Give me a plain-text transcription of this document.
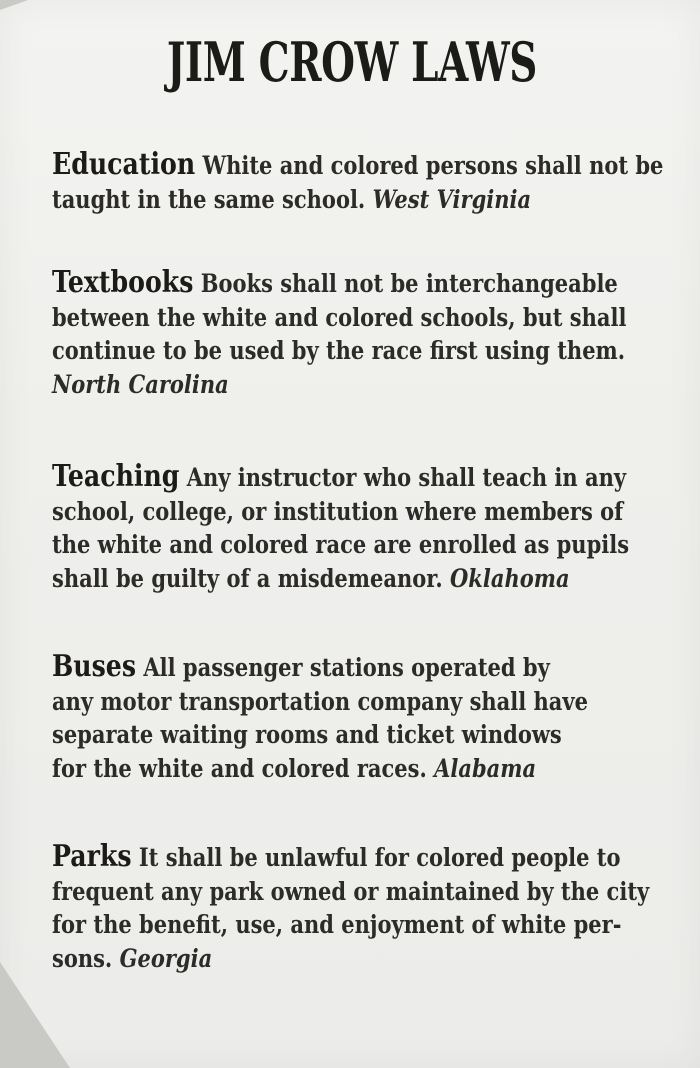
JIM CROW LAWS
Education White and colored persons shall not be
taught in the same school. West Virginia
Textbooks Books shall not be interchangeable
between the white and colored schools, but shall
continue to be used by the race first using them.
North Carolina
Teaching Any instructor who shall teach in any
school, college, or institution where members of
the white and colored race are enrolled as pupils
shall be guilty of a misdemeanor. Oklahoma
Buses All passenger stations operated by
any motor transportation company shall have
separate waiting rooms and ticket windows
for the white and colored races. Alabama
Parks It shall be unlawful for colored people to
frequent any park owned or maintained by the city
for the benefit, use, and enjoyment of white per-
sons. Georgia
